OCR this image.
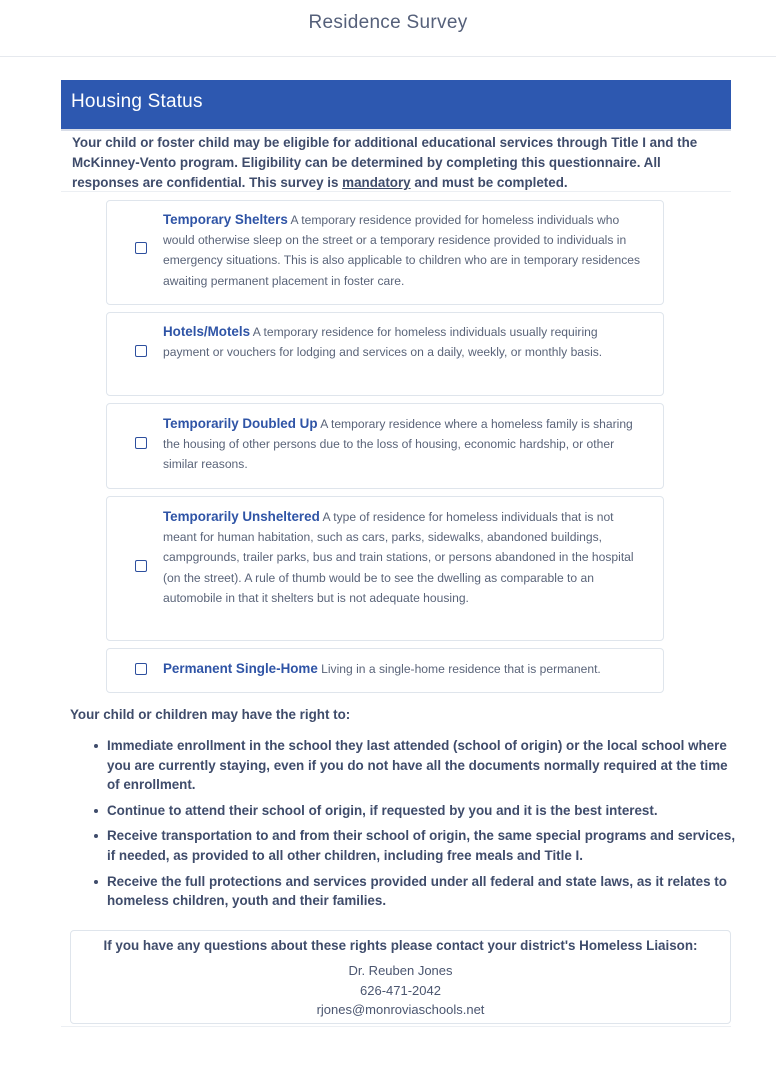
Residence Survey
Housing Status
Your child or foster child may be eligible for additional educational services through Title I and the McKinney-Vento program. Eligibility can be determined by completing this questionnaire. All responses are confidential. This survey is mandatory and must be completed.
Temporary Shelters A temporary residence provided for homeless individuals who would otherwise sleep on the street or a temporary residence provided to individuals in emergency situations. This is also applicable to children who are in temporary residences awaiting permanent placement in foster care.
Hotels/Motels A temporary residence for homeless individuals usually requiring payment or vouchers for lodging and services on a daily, weekly, or monthly basis.
Temporarily Doubled Up A temporary residence where a homeless family is sharing the housing of other persons due to the loss of housing, economic hardship, or other similar reasons.
Temporarily Unsheltered A type of residence for homeless individuals that is not meant for human habitation, such as cars, parks, sidewalks, abandoned buildings, campgrounds, trailer parks, bus and train stations, or persons abandoned in the hospital (on the street). A rule of thumb would be to see the dwelling as comparable to an automobile in that it shelters but is not adequate housing.
Permanent Single-Home Living in a single-home residence that is permanent.
Your child or children may have the right to:
Immediate enrollment in the school they last attended (school of origin) or the local school where you are currently staying, even if you do not have all the documents normally required at the time of enrollment.
Continue to attend their school of origin, if requested by you and it is the best interest.
Receive transportation to and from their school of origin, the same special programs and services, if needed, as provided to all other children, including free meals and Title I.
Receive the full protections and services provided under all federal and state laws, as it relates to homeless children, youth and their families.
If you have any questions about these rights please contact your district's Homeless Liaison:
Dr. Reuben Jones
626-471-2042
rjones@monroviaschools.net
